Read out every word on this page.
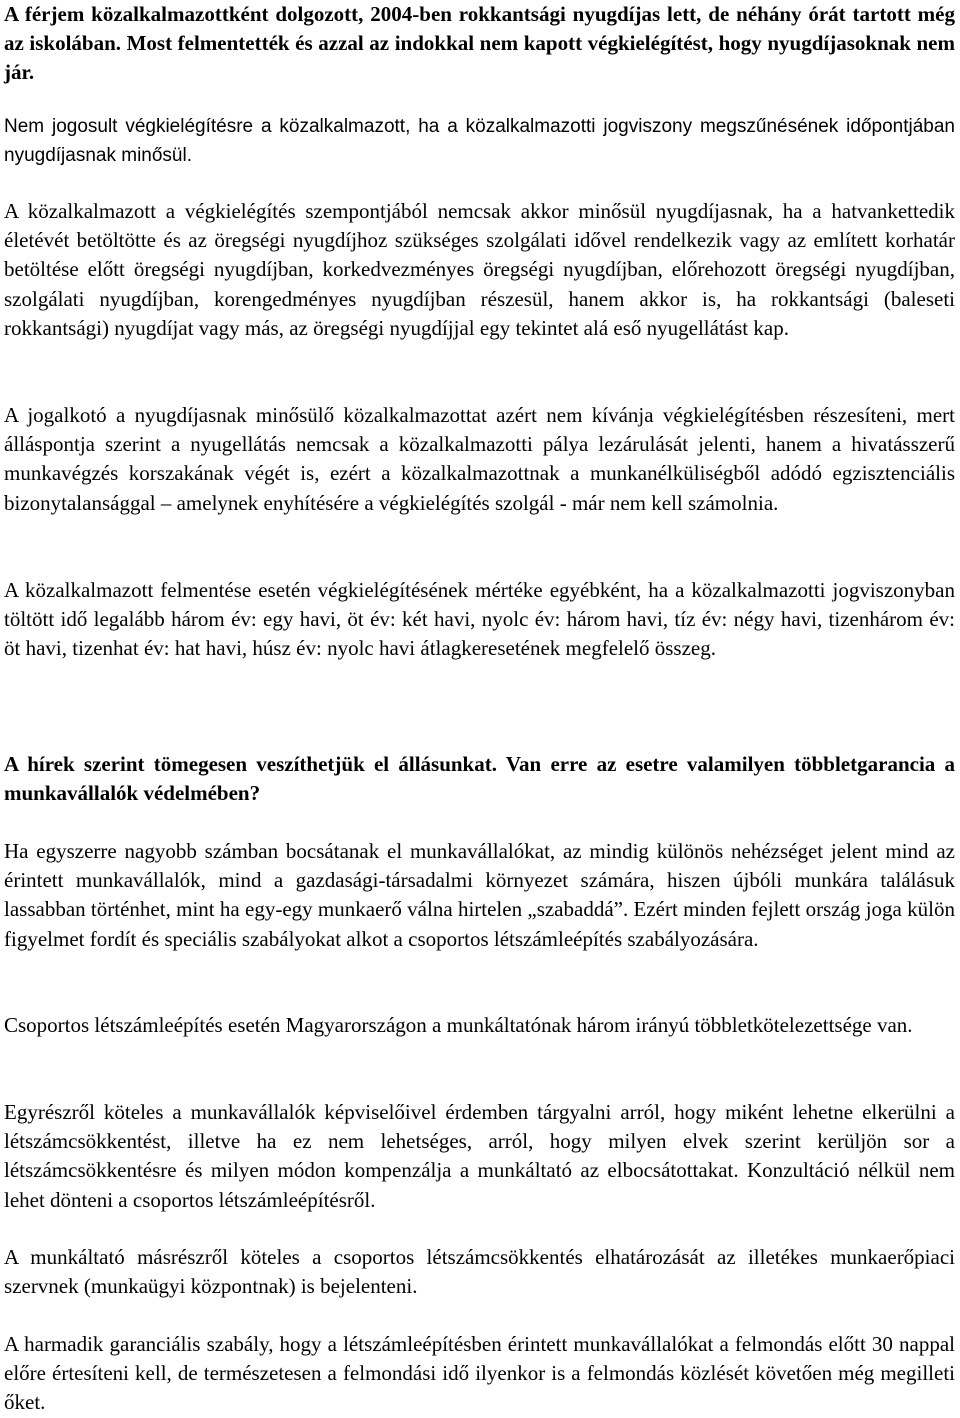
A férjem közalkalmazottként dolgozott, 2004-ben rokkantsági nyugdíjas lett, de néhány órát tartott még az iskolában. Most felmentették és azzal az indokkal nem kapott végkielégítést, hogy nyugdíjasoknak nem jár.

Nem jogosult végkielégítésre a közalkalmazott, ha a közalkalmazotti jogviszony megszűnésének időpontjában nyugdíjasnak minősül.

A közalkalmazott a végkielégítés szempontjából nemcsak akkor minősül nyugdíjasnak, ha a hatvankettedik életévét betöltötte és az öregségi nyugdíjhoz szükséges szolgálati idővel rendelkezik vagy az említett korhatár betöltése előtt öregségi nyugdíjban, korkedvezményes öregségi nyugdíjban, előrehozott öregségi nyugdíjban, szolgálati nyugdíjban, korengedményes nyugdíjban részesül, hanem akkor is, ha rokkantsági (baleseti rokkantsági) nyugdíjat vagy más, az öregségi nyugdíjjal egy tekintet alá eső nyugellátást kap.

A jogalkotó a nyugdíjasnak minősülő közalkalmazottat azért nem kívánja végkielégítésben részesíteni, mert álláspontja szerint a nyugellátás nemcsak a közalkalmazotti pálya lezárulását jelenti, hanem a hivatásszerű munkavégzés korszakának végét is, ezért a közalkalmazottnak a munkanélküliségből adódó egzisztenciális bizonytalansággal – amelynek enyhítésére a végkielégítés szolgál - már nem kell számolnia.

A közalkalmazott felmentése esetén végkielégítésének mértéke egyébként, ha a közalkalmazotti jogviszonyban töltött idő legalább három év: egy havi, öt év: két havi, nyolc év: három havi, tíz év: négy havi, tizenhárom év: öt havi, tizenhat év: hat havi, húsz év: nyolc havi átlagkeresetének megfelelő összeg.

A hírek szerint tömegesen veszíthetjük el állásunkat. Van erre az esetre valamilyen többletgarancia a munkavállalók védelmében?

Ha egyszerre nagyobb számban bocsátanak el munkavállalókat, az mindig különös nehézséget jelent mind az érintett munkavállalók, mind a gazdasági-társadalmi környezet számára, hiszen újbóli munkára találásuk lassabban történhet, mint ha egy-egy munkaerő válna hirtelen „szabaddá”. Ezért minden fejlett ország joga külön figyelmet fordít és speciális szabályokat alkot a csoportos létszámleépítés szabályozására.

Csoportos létszámleépítés esetén Magyarországon a munkáltatónak három irányú többletkötelezettsége van.

Egyrészről köteles a munkavállalók képviselőivel érdemben tárgyalni arról, hogy miként lehetne elkerülni a létszámcsökkentést, illetve ha ez nem lehetséges, arról, hogy milyen elvek szerint kerüljön sor a létszámcsökkentésre és milyen módon kompenzálja a munkáltató az elbocsátottakat. Konzultáció nélkül nem lehet dönteni a csoportos létszámleépítésről.

A munkáltató másrészről köteles a csoportos létszámcsökkentés elhatározását az illetékes munkaerőpiaci szervnek (munkaügyi központnak) is bejelenteni.

A harmadik garanciális szabály, hogy a létszámleépítésben érintett munkavállalókat a felmondás előtt 30 nappal előre értesíteni kell, de természetesen a felmondási idő ilyenkor is a felmondás közlését követően még megilleti őket.
